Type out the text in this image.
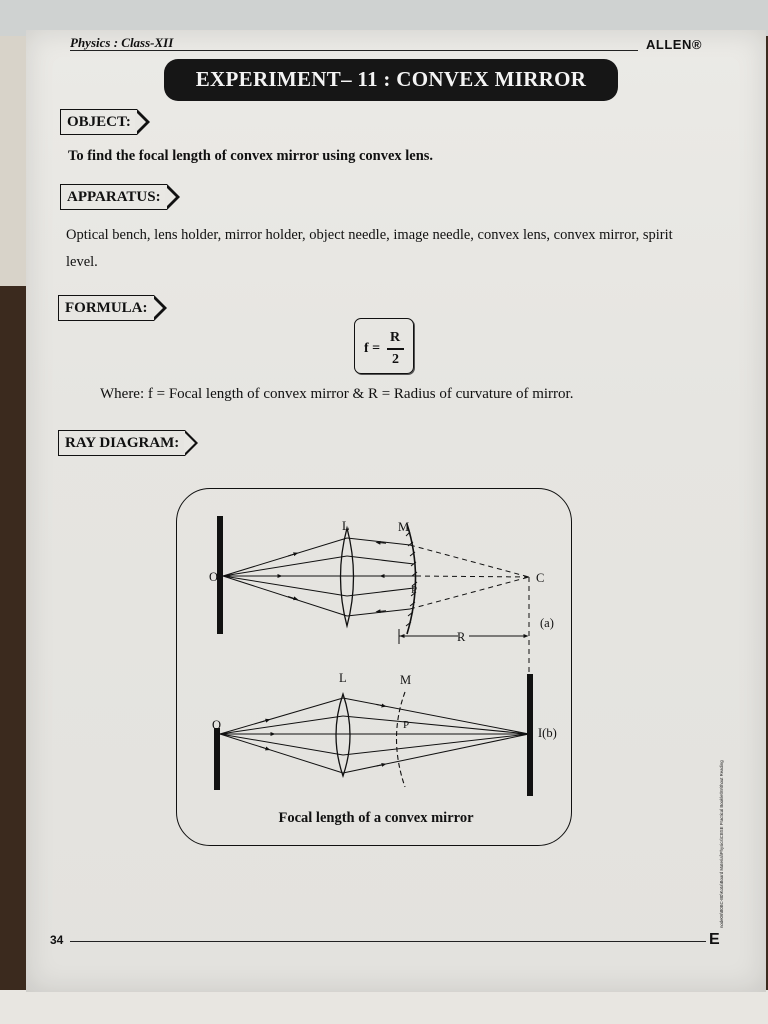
Physics : Class-XII	ALLEN®
EXPERIMENT– 11 : CONVEX MIRROR
OBJECT:
To find the focal length of convex mirror using convex lens.
APPARATUS:
Optical bench, lens holder, mirror holder, object needle, image needle, convex lens, convex mirror, spirit level.
FORMULA:
f =
R
2
Where: f = Focal length of convex mirror & R = Radius of curvature of mirror.
RAY DIAGRAM:
L	M
O
P
C
(a)
R
L	M
O	P
I(b)
Focal length of a convex mirror
34	E
node06\B0BC-B0\Kota\Board Material\Physics\CBSE Practical Booklet\Without Reading
